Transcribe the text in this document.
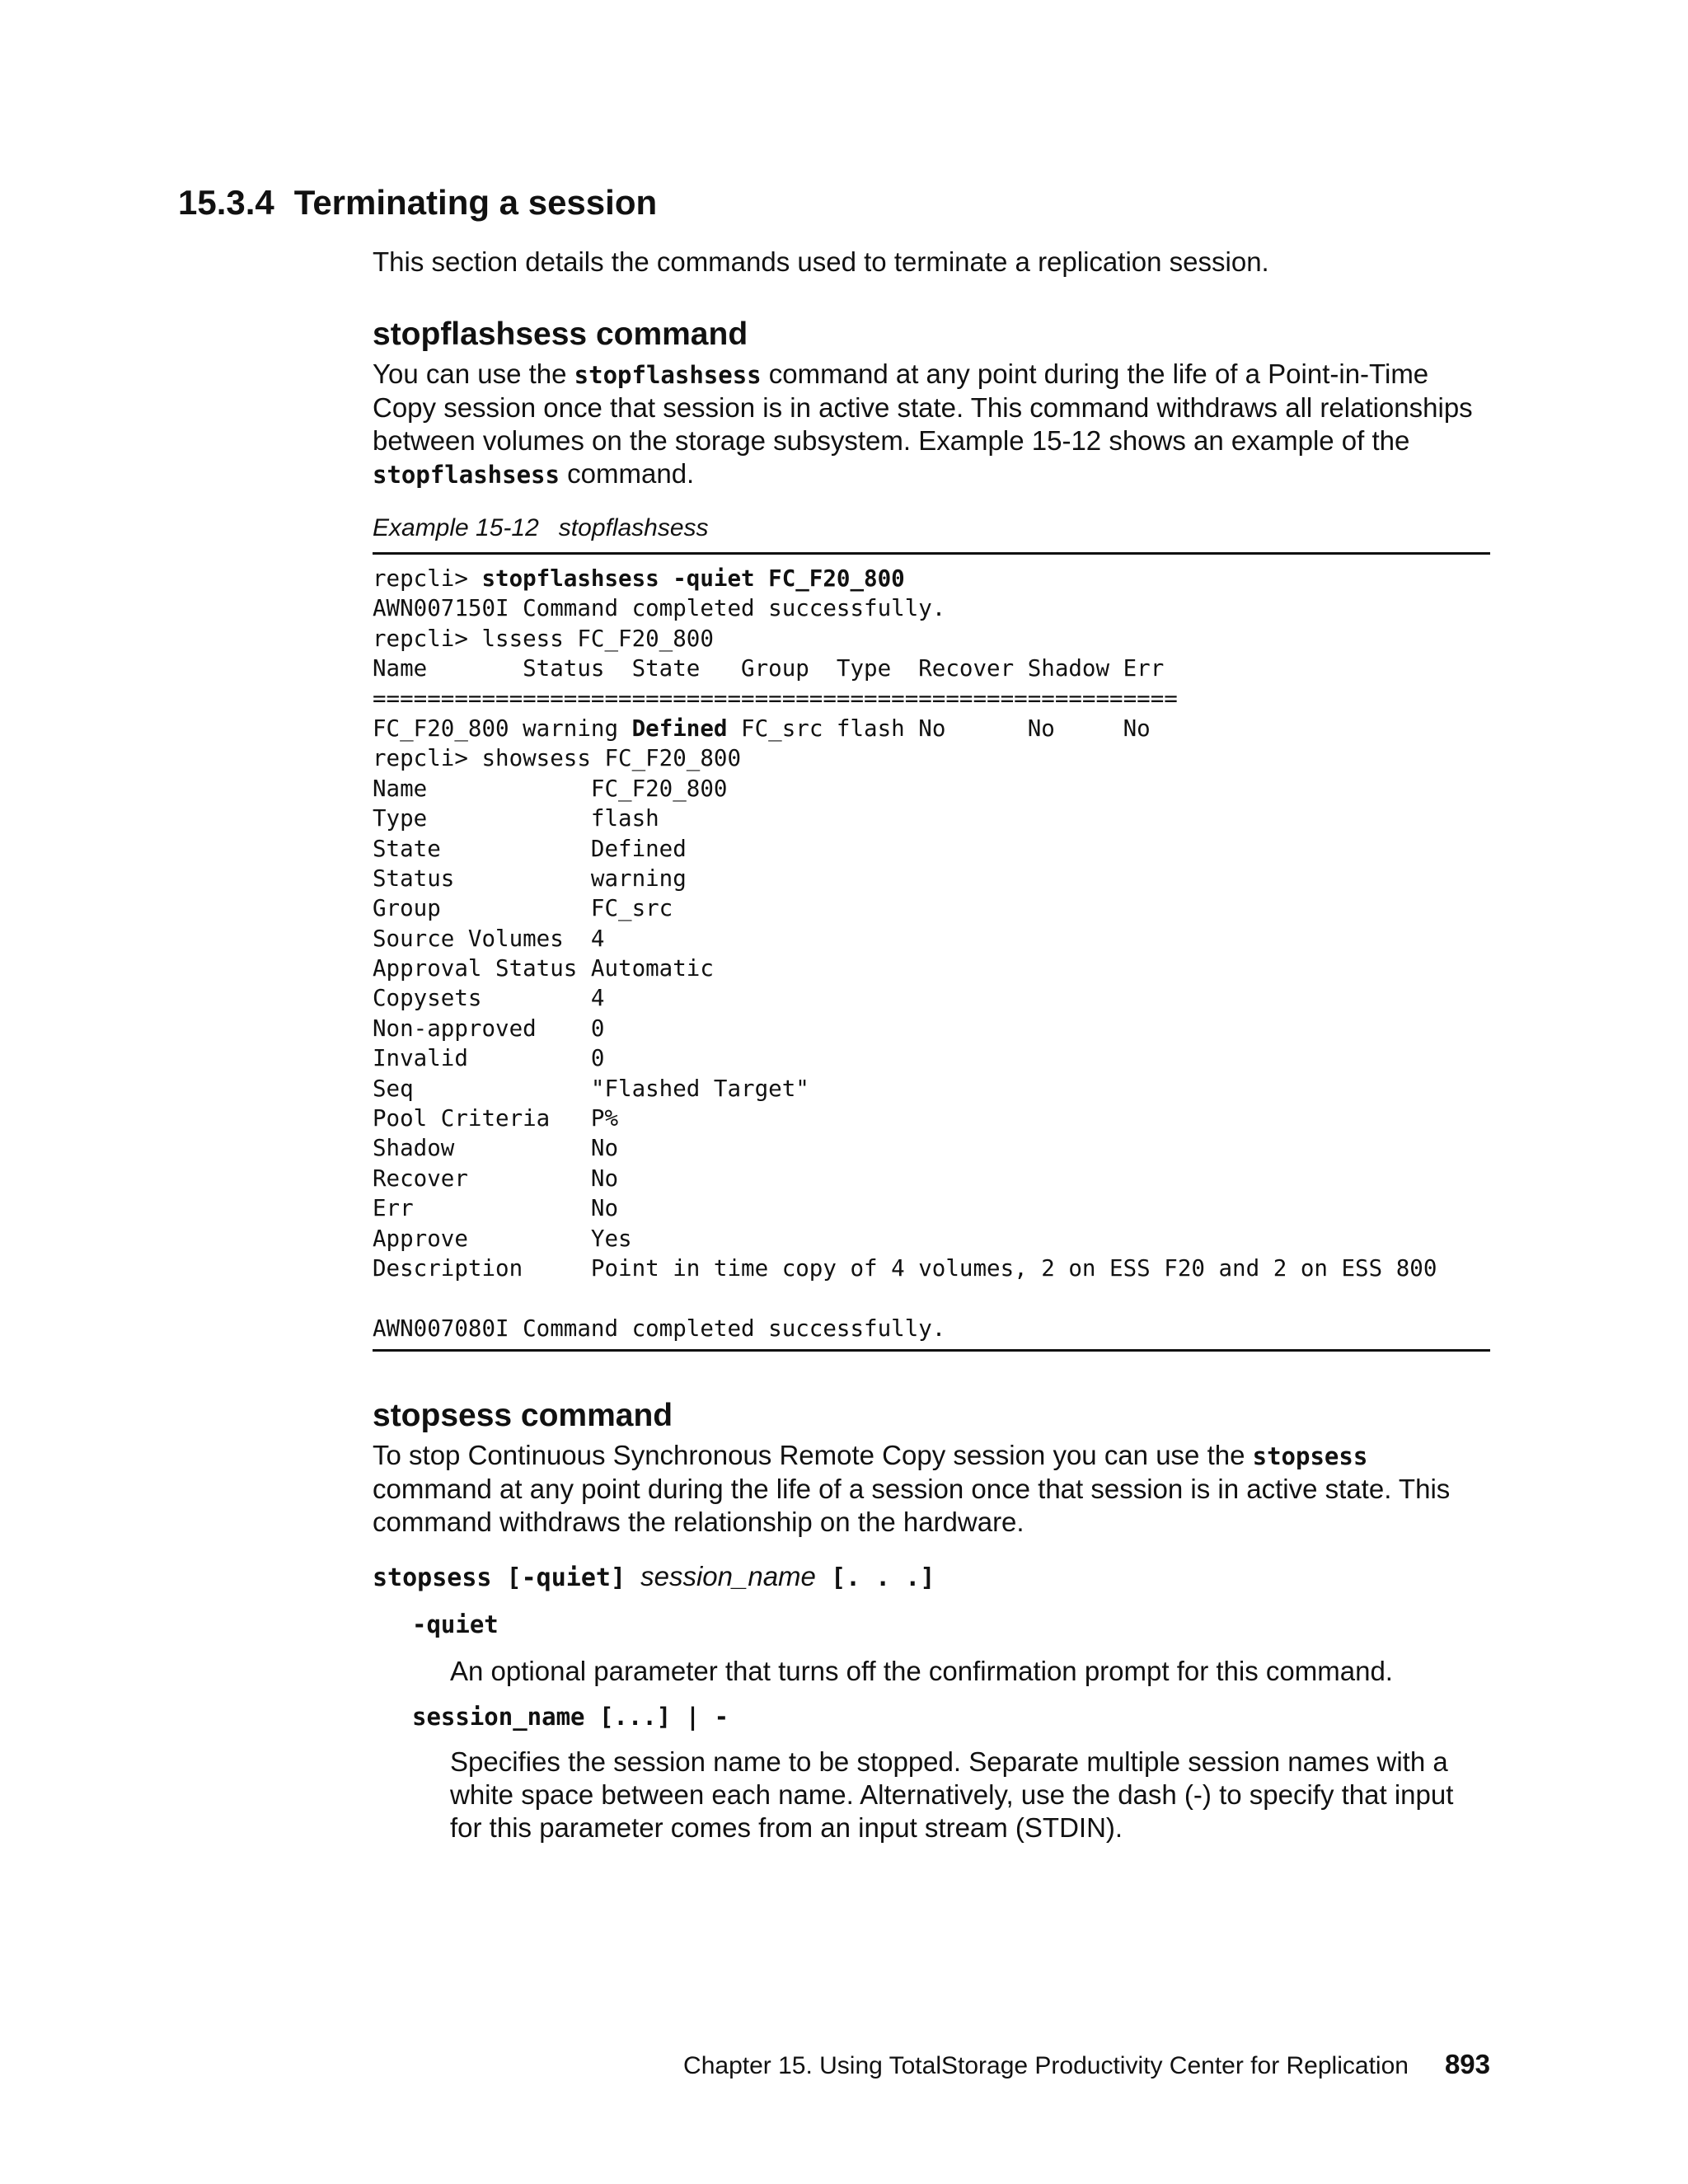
15.3.4 Terminating a session

This section details the commands used to terminate a replication session.

stopflashsess command

You can use the stopflashsess command at any point during the life of a Point-in-Time Copy session once that session is in active state. This command withdraws all relationships between volumes on the storage subsystem. Example 15-12 shows an example of the stopflashsess command.

Example 15-12 stopflashsess
repcli> stopflashsess -quiet FC_F20_800
AWN007150I Command completed successfully.
repcli> lssess FC_F20_800
Name       Status  State   Group  Type  Recover Shadow Err
===========================================================
FC_F20_800 warning Defined FC_src flash No      No     No
repcli> showsess FC_F20_800
Name            FC_F20_800
Type            flash
State           Defined
Status          warning
Group           FC_src
Source Volumes  4
Approval Status Automatic
Copysets        4
Non-approved    0
Invalid         0
Seq             "Flashed Target"
Pool Criteria   P%
Shadow          No
Recover         No
Err             No
Approve         Yes
Description     Point in time copy of 4 volumes, 2 on ESS F20 and 2 on ESS 800
AWN007080I Command completed successfully.
stopsess command

To stop Continuous Synchronous Remote Copy session you can use the stopsess command at any point during the life of a session once that session is in active state. This command withdraws the relationship on the hardware.

stopsess [-quiet] session_name [. . .]
-quiet

An optional parameter that turns off the confirmation prompt for this command.

session_name [...] | -

Specifies the session name to be stopped. Separate multiple session names with a white space between each name. Alternatively, use the dash (-) to specify that input for this parameter comes from an input stream (STDIN).

Chapter 15. Using TotalStorage Productivity Center for Replication 893
